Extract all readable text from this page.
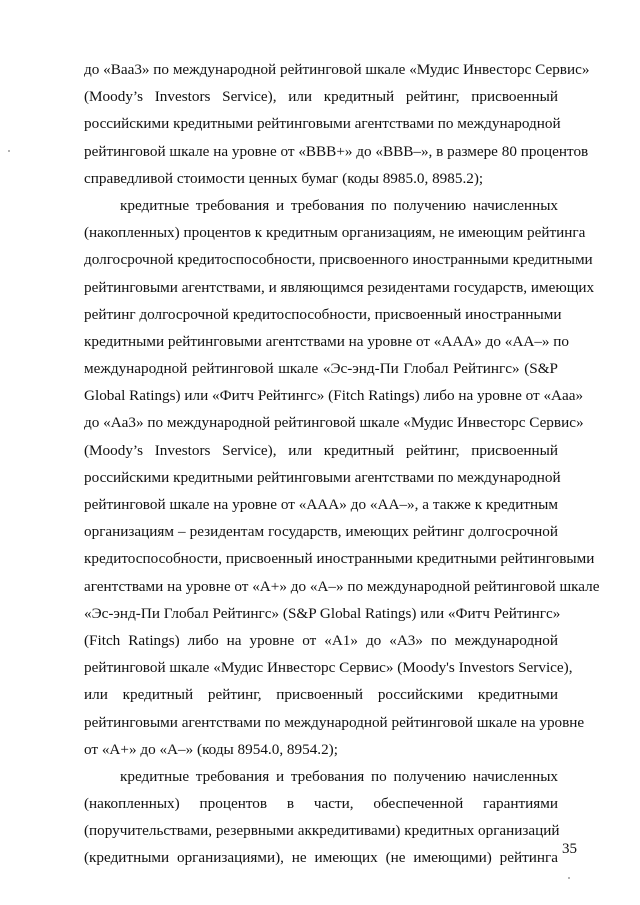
до «Ваа3» по международной рейтинговой шкале «Мудис Инвесторс Сервис»
(Moody’s Investors Service), или кредитный рейтинг, присвоенный
российскими кредитными рейтинговыми агентствами по международной
рейтинговой шкале на уровне от «BBB+» до «BBB–», в размере 80 процентов
справедливой стоимости ценных бумаг (коды 8985.0, 8985.2);
кредитные требования и требования по получению начисленных
(накопленных) процентов к кредитным организациям, не имеющим рейтинга
долгосрочной кредитоспособности, присвоенного иностранными кредитными
рейтинговыми агентствами, и являющимся резидентами государств, имеющих
рейтинг долгосрочной кредитоспособности, присвоенный иностранными
кредитными рейтинговыми агентствами на уровне от «AAA» до «AA–» по
международной рейтинговой шкале «Эс-энд-Пи Глобал Рейтингс» (S&P
Global Ratings) или «Фитч Рейтингс» (Fitch Ratings) либо на уровне от «Aaa»
до «Aa3» по международной рейтинговой шкале «Мудис Инвесторс Сервис»
(Moody’s Investors Service), или кредитный рейтинг, присвоенный
российскими кредитными рейтинговыми агентствами по международной
рейтинговой шкале на уровне от «AAA» до «AA–», а также к кредитным
организациям – резидентам государств, имеющих рейтинг долгосрочной
кредитоспособности, присвоенный иностранными кредитными рейтинговыми
агентствами на уровне от «A+» до «A–» по международной рейтинговой шкале
«Эс-энд-Пи Глобал Рейтингс» (S&P Global Ratings) или «Фитч Рейтингс»
(Fitch Ratings) либо на уровне от «A1» до «A3» по международной
рейтинговой шкале «Мудис Инвесторс Сервис» (Moody's Investors Service),
или кредитный рейтинг, присвоенный российскими кредитными
рейтинговыми агентствами по международной рейтинговой шкале на уровне
от «A+» до «A–» (коды 8954.0, 8954.2);
кредитные требования и требования по получению начисленных
(накопленных) процентов в части, обеспеченной гарантиями
(поручительствами, резервными аккредитивами) кредитных организаций
(кредитными организациями), не имеющих (не имеющими) рейтинга
35
